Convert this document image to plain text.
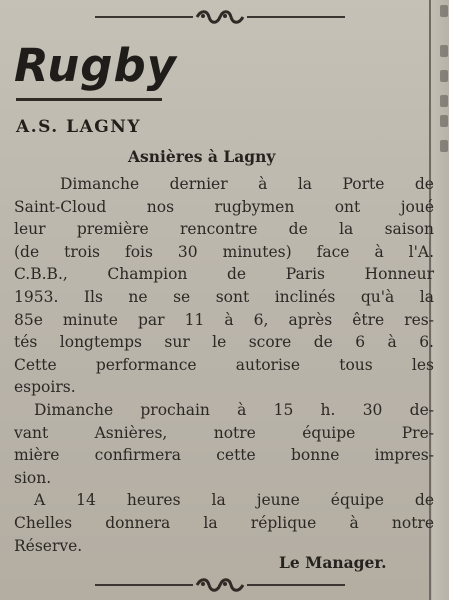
Rugby
A.S. LAGNY
Asnières à Lagny
Dimanche dernier à la Porte de
Saint-Cloud nos rugbymen ont joué
leur première rencontre de la saison
(de trois fois 30 minutes) face à l'A.
C.B.B., Champion de Paris Honneur
1953. Ils ne se sont inclinés qu'à la
85e minute par 11 à 6, après être res-
tés longtemps sur le score de 6 à 6.
Cette performance autorise tous les
espoirs.
Dimanche prochain à 15 h. 30 de-
vant Asnières, notre équipe Pre-
mière confirmera cette bonne impres-
sion.
A 14 heures la jeune équipe de
Chelles donnera la réplique à notre
Réserve.
Le Manager.
